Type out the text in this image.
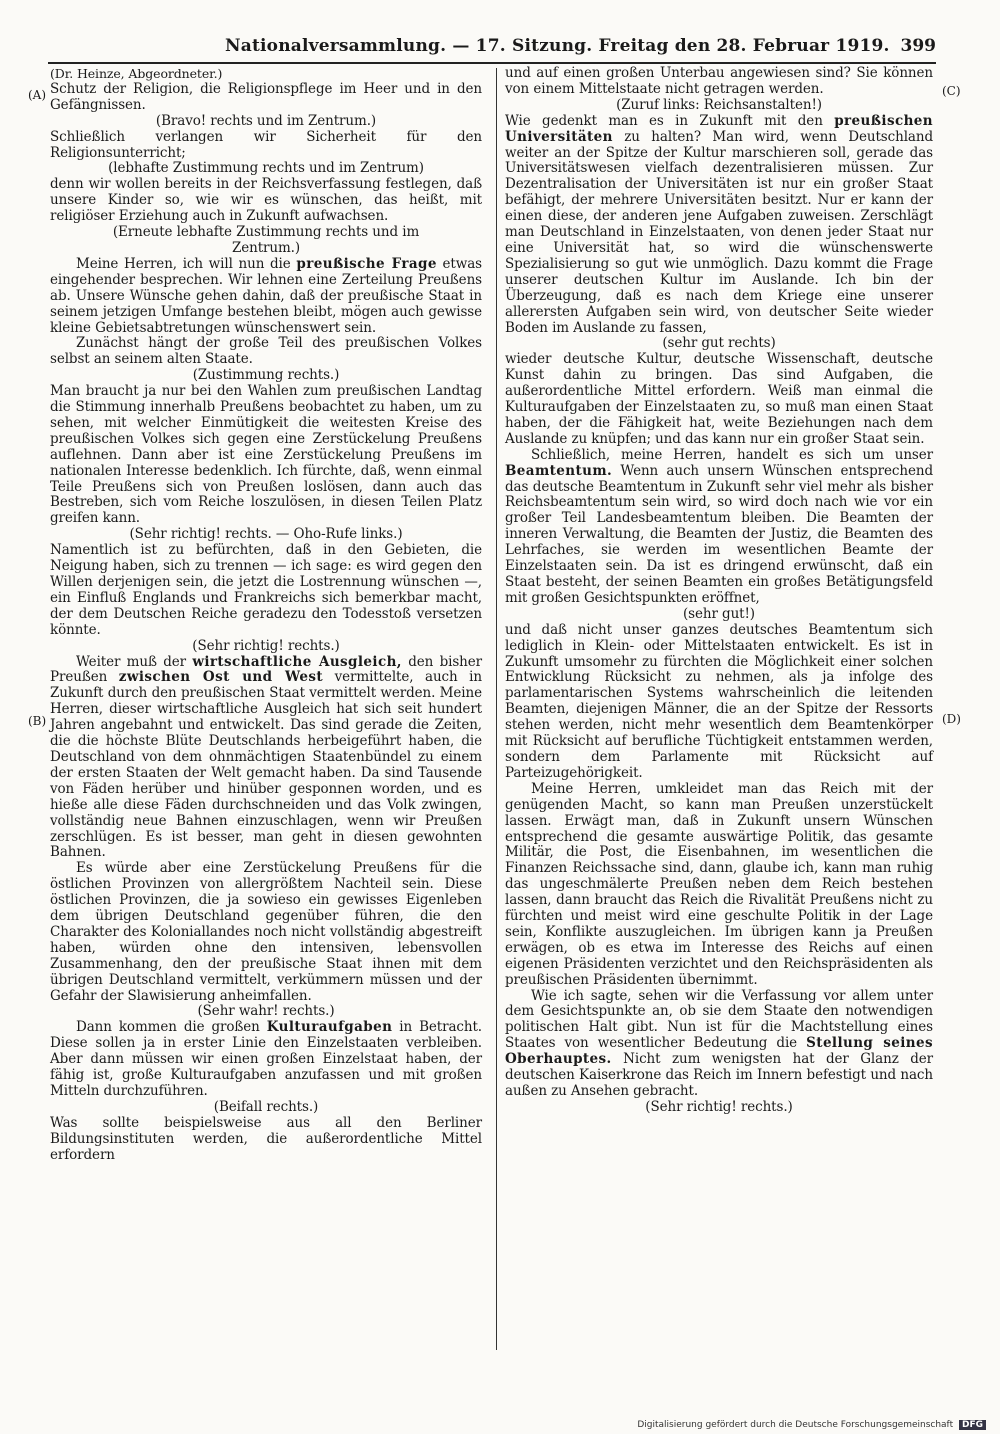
Nationalversammlung. — 17. Sitzung. Freitag den 28. Februar 1919. 399
(A)
(B)
(C)
(D)

(Dr. Heinze, Abgeordneter.)

Schutz der Religion, die Religionspflege im Heer und in den Gefängnissen.

(Bravo! rechts und im Zentrum.)

Schließlich verlangen wir Sicherheit für den Religionsunterricht;

(lebhafte Zustimmung rechts und im Zentrum)

denn wir wollen bereits in der Reichsverfassung festlegen, daß unsere Kinder so, wie wir es wünschen, das heißt, mit religiöser Erziehung auch in Zukunft aufwachsen.

(Erneute lebhafte Zustimmung rechts und im Zentrum.)

Meine Herren, ich will nun die preußische Frage etwas eingehender besprechen. Wir lehnen eine Zerteilung Preußens ab. Unsere Wünsche gehen dahin, daß der preußische Staat in seinem jetzigen Umfange bestehen bleibt, mögen auch gewisse kleine Gebietsabtretungen wünschenswert sein.

Zunächst hängt der große Teil des preußischen Volkes selbst an seinem alten Staate.

(Zustimmung rechts.)

Man braucht ja nur bei den Wahlen zum preußischen Landtag die Stimmung innerhalb Preußens beobachtet zu haben, um zu sehen, mit welcher Einmütigkeit die weitesten Kreise des preußischen Volkes sich gegen eine Zerstückelung Preußens auflehnen. Dann aber ist eine Zerstückelung Preußens im nationalen Interesse bedenklich. Ich fürchte, daß, wenn einmal Teile Preußens sich von Preußen loslösen, dann auch das Bestreben, sich vom Reiche loszulösen, in diesen Teilen Platz greifen kann.

(Sehr richtig! rechts. — Oho-Rufe links.)

Namentlich ist zu befürchten, daß in den Gebieten, die Neigung haben, sich zu trennen — ich sage: es wird gegen den Willen derjenigen sein, die jetzt die Lostrennung wünschen —, ein Einfluß Englands und Frankreichs sich bemerkbar macht, der dem Deutschen Reiche geradezu den Todesstoß versetzen könnte.

(Sehr richtig! rechts.)

Weiter muß der wirtschaftliche Ausgleich, den bisher Preußen zwischen Ost und West vermittelte, auch in Zukunft durch den preußischen Staat vermittelt werden. Meine Herren, dieser wirtschaftliche Ausgleich hat sich seit hundert Jahren angebahnt und entwickelt. Das sind gerade die Zeiten, die die höchste Blüte Deutschlands herbeigeführt haben, die Deutschland von dem ohnmächtigen Staatenbündel zu einem der ersten Staaten der Welt gemacht haben. Da sind Tausende von Fäden herüber und hinüber gesponnen worden, und es hieße alle diese Fäden durchschneiden und das Volk zwingen, vollständig neue Bahnen einzuschlagen, wenn wir Preußen zerschlügen. Es ist besser, man geht in diesen gewohnten Bahnen.

Es würde aber eine Zerstückelung Preußens für die östlichen Provinzen von allergrößtem Nachteil sein. Diese östlichen Provinzen, die ja sowieso ein gewisses Eigenleben dem übrigen Deutschland gegenüber führen, die den Charakter des Koloniallandes noch nicht vollständig abgestreift haben, würden ohne den intensiven, lebensvollen Zusammenhang, den der preußische Staat ihnen mit dem übrigen Deutschland vermittelt, verkümmern müssen und der Gefahr der Slawisierung anheimfallen.

(Sehr wahr! rechts.)

Dann kommen die großen Kulturaufgaben in Betracht. Diese sollen ja in erster Linie den Einzelstaaten verbleiben. Aber dann müssen wir einen großen Einzelstaat haben, der fähig ist, große Kulturaufgaben anzufassen und mit großen Mitteln durchzuführen.

(Beifall rechts.)

Was sollte beispielsweise aus all den Berliner Bildungsinstituten werden, die außerordentliche Mittel erfordern

und auf einen großen Unterbau angewiesen sind? Sie können von einem Mittelstaate nicht getragen werden.

(Zuruf links: Reichsanstalten!)

Wie gedenkt man es in Zukunft mit den preußischen Universitäten zu halten? Man wird, wenn Deutschland weiter an der Spitze der Kultur marschieren soll, gerade das Universitätswesen vielfach dezentralisieren müssen. Zur Dezentralisation der Universitäten ist nur ein großer Staat befähigt, der mehrere Universitäten besitzt. Nur er kann der einen diese, der anderen jene Aufgaben zuweisen. Zerschlägt man Deutschland in Einzelstaaten, von denen jeder Staat nur eine Universität hat, so wird die wünschenswerte Spezialisierung so gut wie unmöglich. Dazu kommt die Frage unserer deutschen Kultur im Auslande. Ich bin der Überzeugung, daß es nach dem Kriege eine unserer allerersten Aufgaben sein wird, von deutscher Seite wieder Boden im Auslande zu fassen,

(sehr gut rechts)

wieder deutsche Kultur, deutsche Wissenschaft, deutsche Kunst dahin zu bringen. Das sind Aufgaben, die außerordentliche Mittel erfordern. Weiß man einmal die Kulturaufgaben der Einzelstaaten zu, so muß man einen Staat haben, der die Fähigkeit hat, weite Beziehungen nach dem Auslande zu knüpfen; und das kann nur ein großer Staat sein.

Schließlich, meine Herren, handelt es sich um unser Beamtentum. Wenn auch unsern Wünschen entsprechend das deutsche Beamtentum in Zukunft sehr viel mehr als bisher Reichsbeamtentum sein wird, so wird doch nach wie vor ein großer Teil Landesbeamtentum bleiben. Die Beamten der inneren Verwaltung, die Beamten der Justiz, die Beamten des Lehrfaches, sie werden im wesentlichen Beamte der Einzelstaaten sein. Da ist es dringend erwünscht, daß ein Staat besteht, der seinen Beamten ein großes Betätigungsfeld mit großen Gesichtspunkten eröffnet,

(sehr gut!)

und daß nicht unser ganzes deutsches Beamtentum sich lediglich in Klein- oder Mittelstaaten entwickelt. Es ist in Zukunft umsomehr zu fürchten die Möglichkeit einer solchen Entwicklung Rücksicht zu nehmen, als ja infolge des parlamentarischen Systems wahrscheinlich die leitenden Beamten, diejenigen Männer, die an der Spitze der Ressorts stehen werden, nicht mehr wesentlich dem Beamtenkörper mit Rücksicht auf berufliche Tüchtigkeit entstammen werden, sondern dem Parlamente mit Rücksicht auf Parteizugehörigkeit.

Meine Herren, umkleidet man das Reich mit der genügenden Macht, so kann man Preußen unzerstückelt lassen. Erwägt man, daß in Zukunft unsern Wünschen entsprechend die gesamte auswärtige Politik, das gesamte Militär, die Post, die Eisenbahnen, im wesentlichen die Finanzen Reichssache sind, dann, glaube ich, kann man ruhig das ungeschmälerte Preußen neben dem Reich bestehen lassen, dann braucht das Reich die Rivalität Preußens nicht zu fürchten und meist wird eine geschulte Politik in der Lage sein, Konflikte auszugleichen. Im übrigen kann ja Preußen erwägen, ob es etwa im Interesse des Reichs auf einen eigenen Präsidenten verzichtet und den Reichspräsidenten als preußischen Präsidenten übernimmt.

Wie ich sagte, sehen wir die Verfassung vor allem unter dem Gesichtspunkte an, ob sie dem Staate den notwendigen politischen Halt gibt. Nun ist für die Machtstellung eines Staates von wesentlicher Bedeutung die Stellung seines Oberhauptes. Nicht zum wenigsten hat der Glanz der deutschen Kaiserkrone das Reich im Innern befestigt und nach außen zu Ansehen gebracht.

(Sehr richtig! rechts.)

Digitalisierung gefördert durch die Deutsche Forschungsgemeinschaft DFG
